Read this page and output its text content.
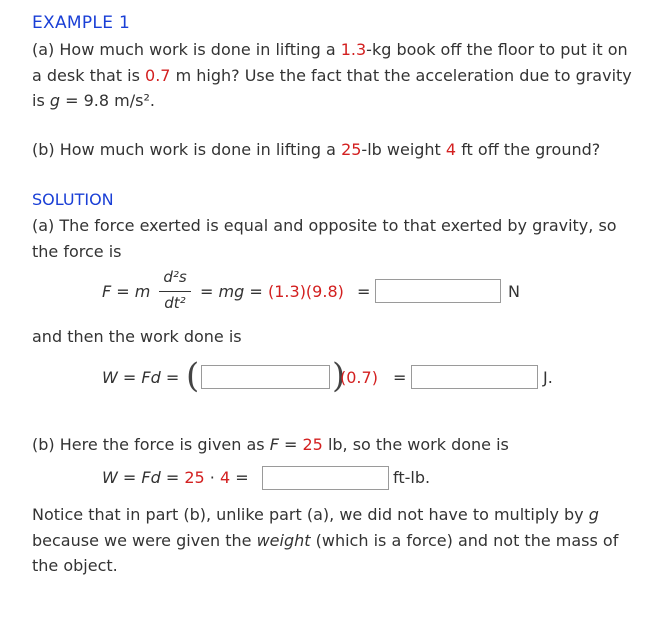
EXAMPLE 1
(a) How much work is done in lifting a 1.3-kg book off the floor to put it on a desk that is 0.7 m high? Use the fact that the acceleration due to gravity is g = 9.8 m/s².
(b) How much work is done in lifting a 25-lb weight 4 ft off the ground?
SOLUTION
(a) The force exerted is equal and opposite to that exerted by gravity, so the force is
F = m
d²s
dt²
= mg = (1.3)(9.8) =	N
and then the work done is
W = Fd = (	)
(0.7) =	J.
(b) Here the force is given as F = 25 lb, so the work done is
W = Fd = 25 · 4 =	ft-lb.
Notice that in part (b), unlike part (a), we did not have to multiply by g because we were given the weight (which is a force) and not the mass of the object.
